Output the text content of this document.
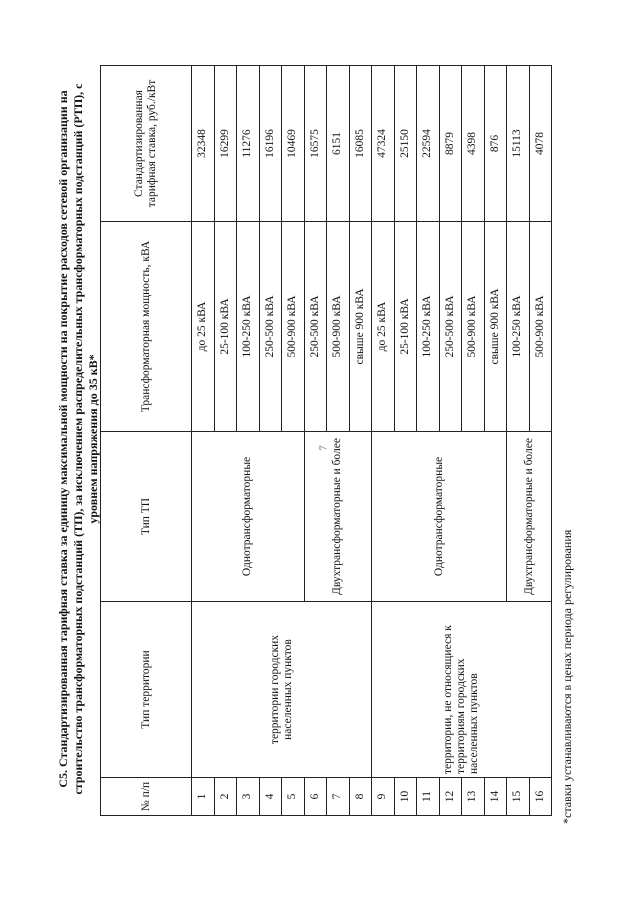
7
С5. Стандартизированная тарифная ставка за единицу максимальной мощности на покрытие расходов сетевой организации на строительство трансформаторных подстанций (ТП), за исключением распределительных трансформаторных подстанций (РТП), с уровнем напряжения до 35 кВ*
№ п/п	Тип территории	Тип ТП	Трансформаторная мощность, кВА	Стандартизированная тарифная ставка, руб./кВт
1	территории городских населенных пунктов	Однотрансформаторные	до 25 кВА	32348
2			25-100 кВА	16299
3			100-250 кВА	11276
4			250-500 кВА	16196
5			500-900 кВА	10469
6		Двухтрансформаторные и более	250-500 кВА	16575
7			500-900 кВА	6151
8			свыше 900 кВА	16085
9	территории, не относящиеся к территориям городских населенных пунктов	Однотрансформаторные	до 25 кВА	47324
10			25-100 кВА	25150
11			100-250 кВА	22594
12			250-500 кВА	8879
13			500-900 кВА	4398
14			свыше 900 кВА	876
15		Двухтрансформаторные и более	100-250 кВА	15113
16			500-900 кВА	4078
*ставки устанавливаются в ценах периода регулирования
